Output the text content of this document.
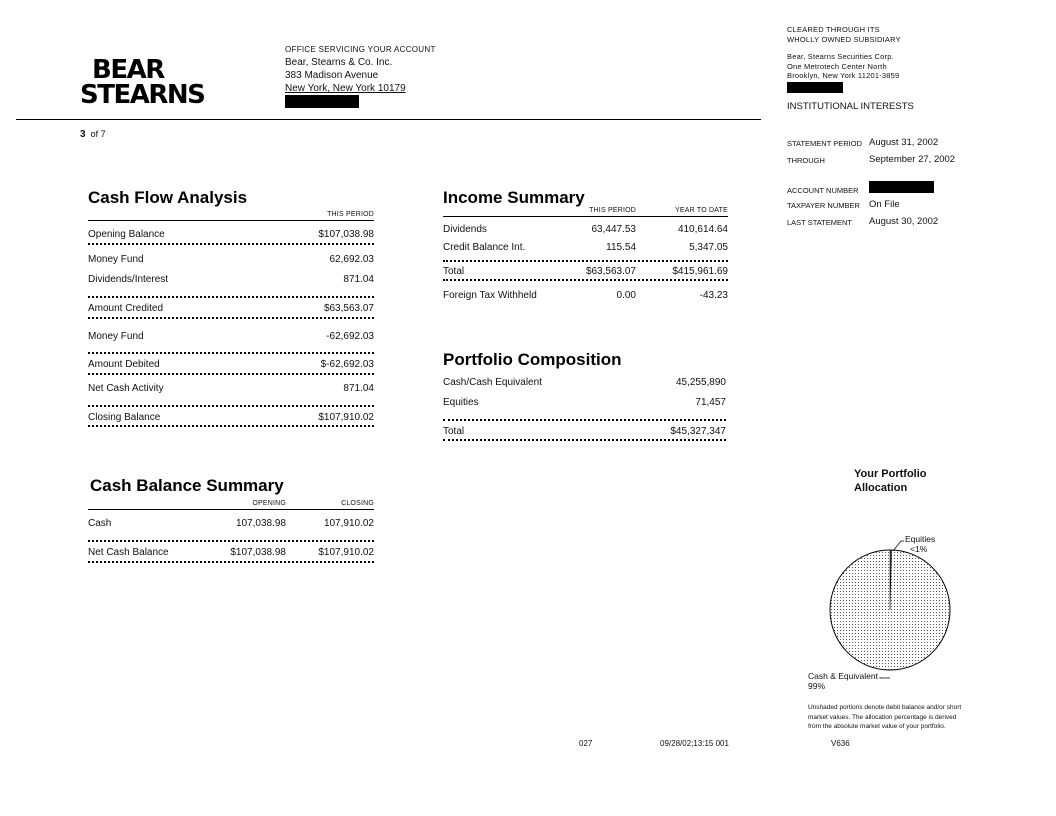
BEAR
STEARNS
OFFICE SERVICING YOUR ACCOUNT
Bear, Stearns & Co. Inc.
383 Madison Avenue
New York, New York 10179
3 of 7
CLEARED THROUGH ITS
WHOLLY OWNED SUBSIDIARY
Bear, Stearns Securities Corp.
One Metrotech Center North
Brooklyn, New York 11201-3859
INSTITUTIONAL INTERESTS
STATEMENT PERIOD August 31, 2002
THROUGH	September 27, 2002
ACCOUNT NUMBER
TAXPAYER NUMBER On File
LAST STATEMENT August 30, 2002
Cash Flow Analysis
THIS PERIOD
Opening Balance	$107,038.98
Money Fund	62,692.03
Dividends/Interest	871.04
Amount Credited	$63,563.07
Money Fund	-62,692.03
Amount Debited	$-62,692.03
Net Cash Activity	871.04
Closing Balance	$107,910.02
Income Summary
THIS PERIOD	YEAR TO DATE
Dividends	63,447.53	410,614.64
Credit Balance Int.	115.54	5,347.05
Total	$63,563.07	$415,961.69
Foreign Tax Withheld	0.00	-43.23
Portfolio Composition
Cash/Cash Equivalent	45,255,890
Equities	71,457
Total	$45,327,347
Cash Balance Summary
OPENING	CLOSING
Cash	107,038.98	107,910.02
Net Cash Balance	$107,038.98	$107,910.02
Your Portfolio
Allocation
Equities
<1%
Cash & Equivalent
99%
Unshaded portions denote debit balance and/or short
market values. The allocation percentage is derived
from the absolute market value of your portfolio.
027	09/28/02;13:15 001	V636
